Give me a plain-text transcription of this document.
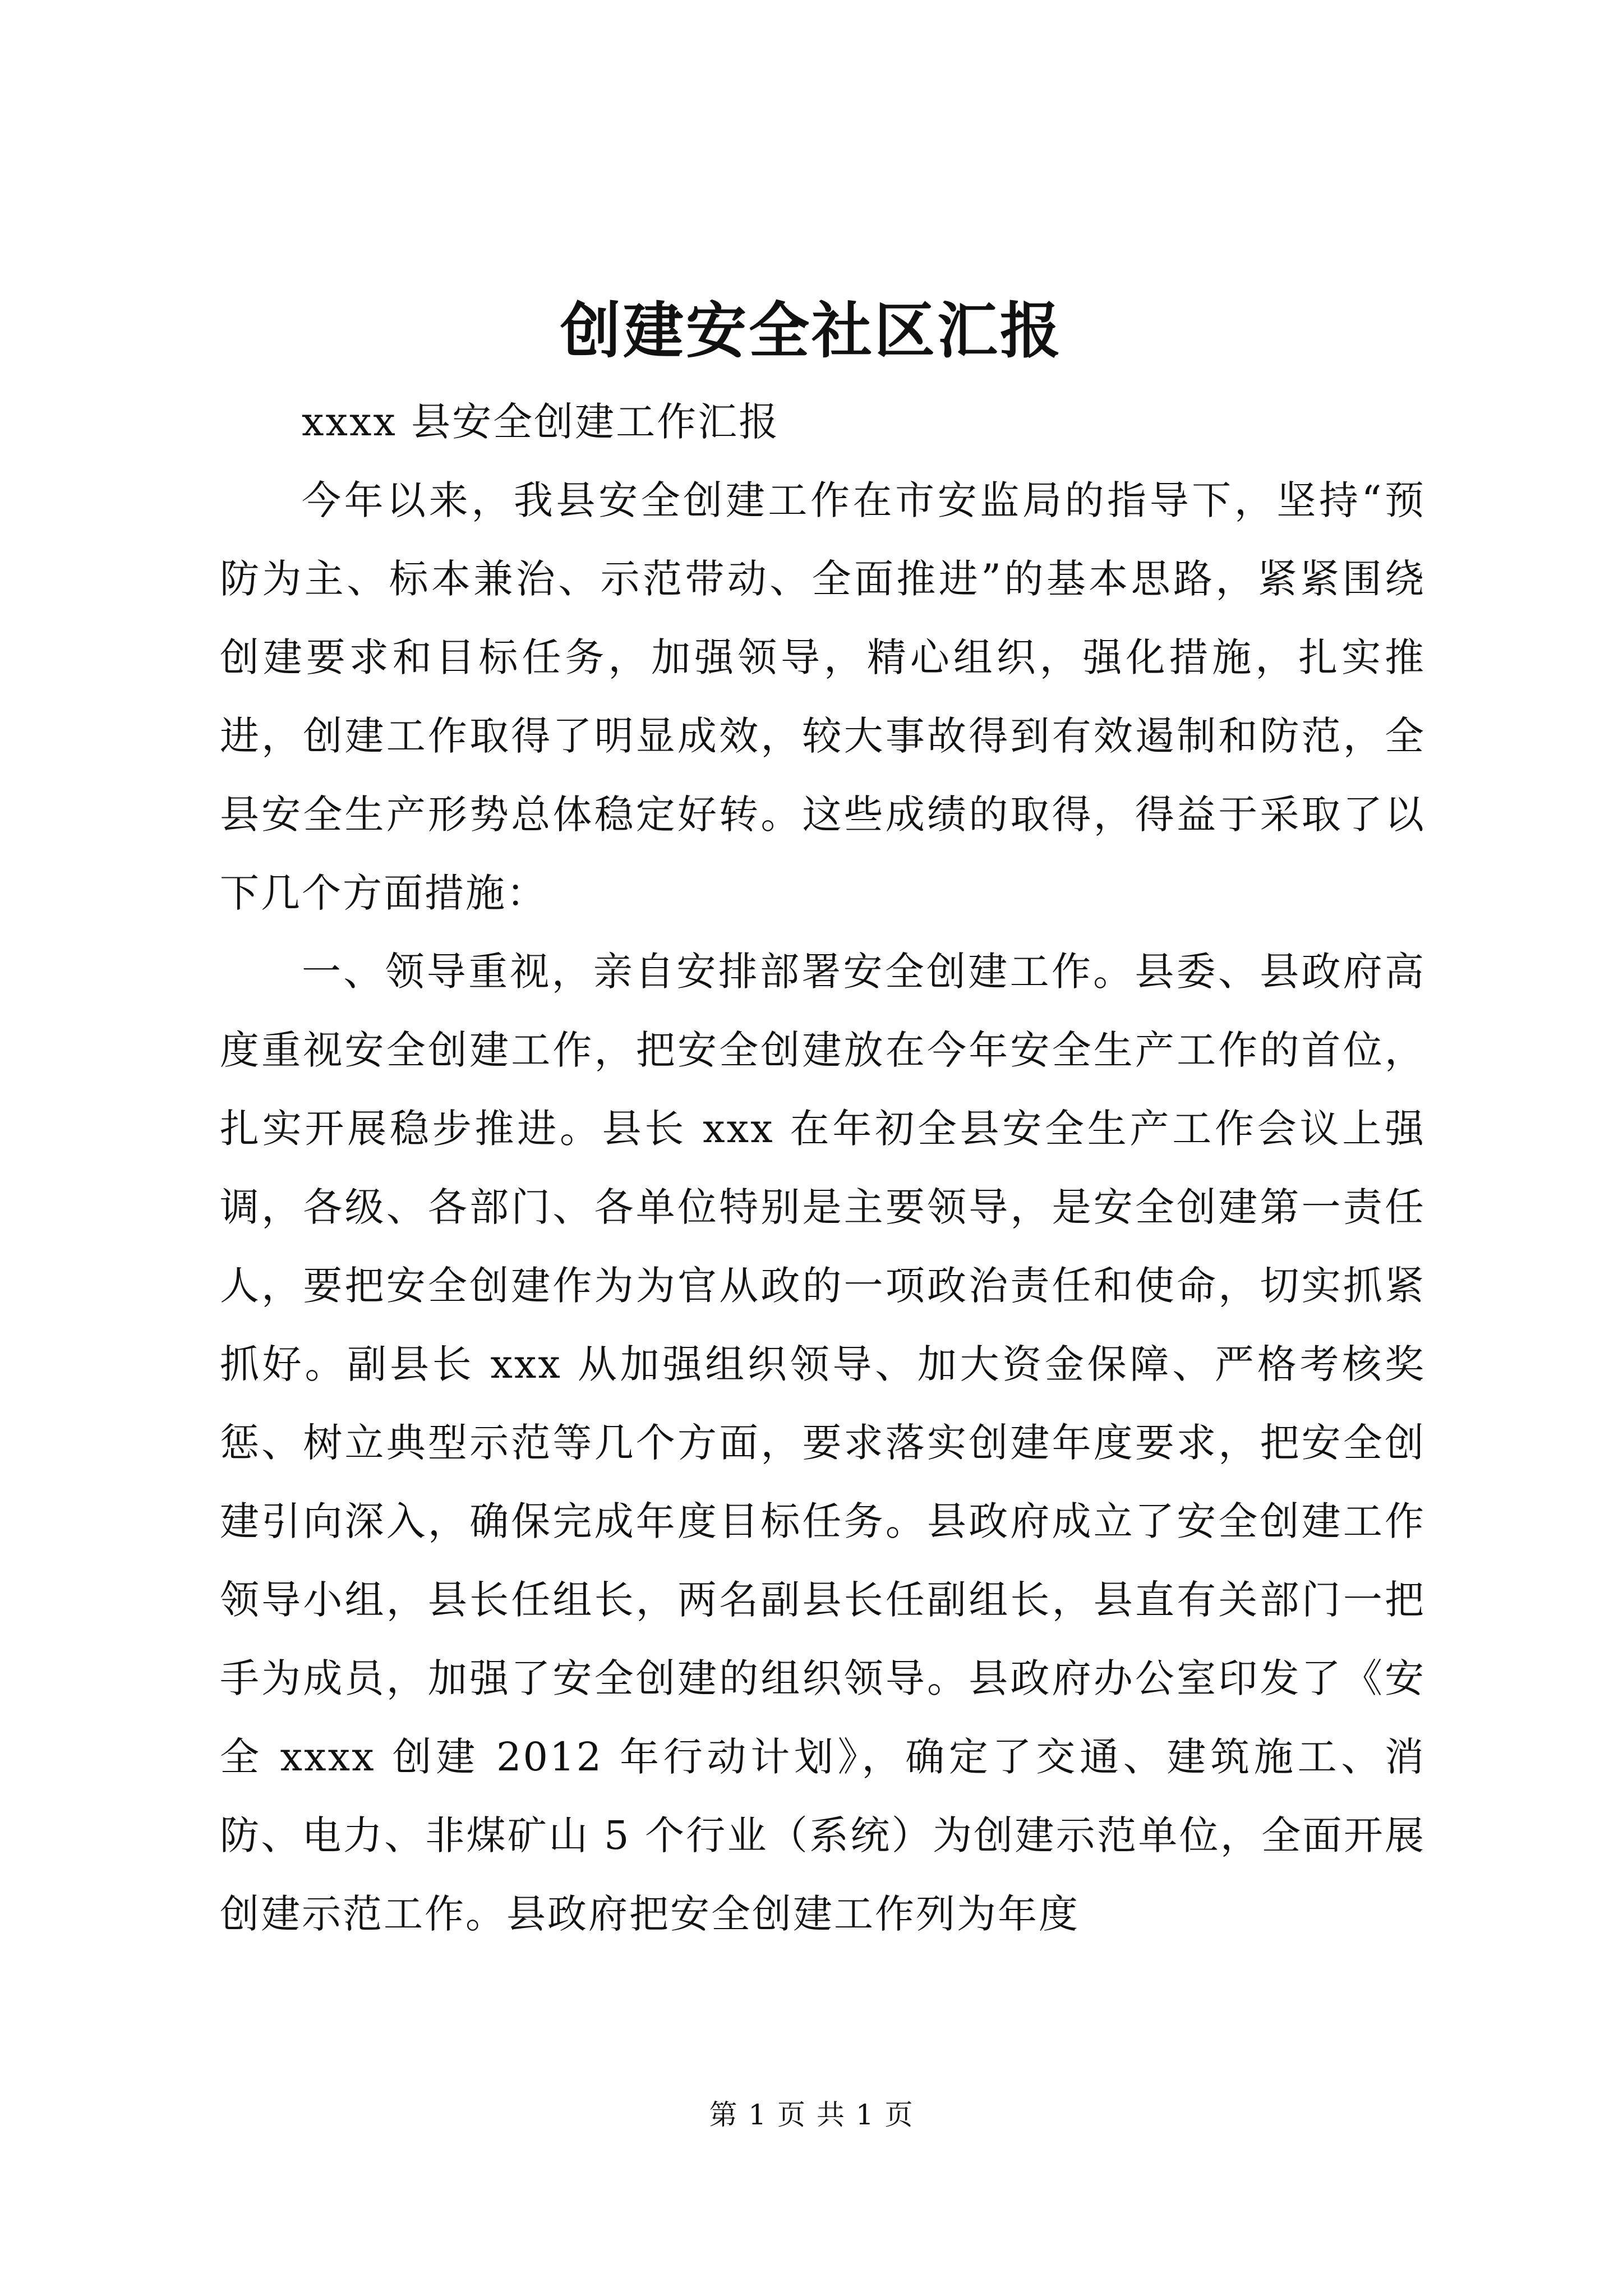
创建安全社区汇报

xxxx 县安全创建工作汇报

今年以来，我县安全创建工作在市安监局的指导下，坚持“预防为主、标本兼治、示范带动、全面推进”的基本思路，紧紧围绕创建要求和目标任务，加强领导，精心组织，强化措施，扎实推进，创建工作取得了明显成效，较大事故得到有效遏制和防范，全县安全生产形势总体稳定好转。这些成绩的取得，得益于采取了以下几个方面措施：

一、领导重视，亲自安排部署安全创建工作。县委、县政府高度重视安全创建工作，把安全创建放在今年安全生产工作的首位，扎实开展稳步推进。县长 xxx 在年初全县安全生产工作会议上强调，各级、各部门、各单位特别是主要领导，是安全创建第一责任人，要把安全创建作为为官从政的一项政治责任和使命，切实抓紧抓好。副县长 xxx 从加强组织领导、加大资金保障、严格考核奖惩、树立典型示范等几个方面，要求落实创建年度要求，把安全创建引向深入，确保完成年度目标任务。县政府成立了安全创建工作领导小组，县长任组长，两名副县长任副组长，县直有关部门一把手为成员，加强了安全创建的组织领导。县政府办公室印发了《安全 xxxx 创建 2012 年行动计划》，确定了交通、建筑施工、消防、电力、非煤矿山 5 个行业（系统）为创建示范单位，全面开展创建示范工作。县政府把安全创建工作列为年度

第 1 页 共 1 页
